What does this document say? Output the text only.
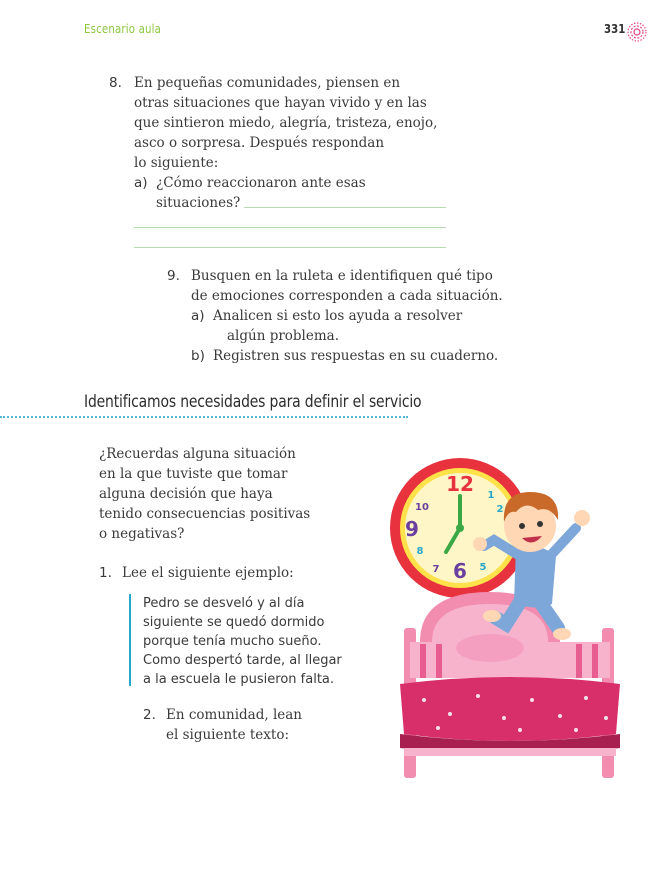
Escenario aula	331
8. En pequeñas comunidades, piensen en
otras situaciones que hayan vivido y en las
que sintieron miedo, alegría, tristeza, enojo,
asco o sorpresa. Después respondan
lo siguiente:
a) ¿Cómo reaccionaron ante esas
situaciones?
9. Busquen en la ruleta e identifiquen qué tipo
de emociones corresponden a cada situación.
a) Analicen si esto los ayuda a resolver
algún problema.
b) Registren sus respuestas en su cuaderno.
Identificamos necesidades para definir el servicio
¿Recuerdas alguna situación
en la que tuviste que tomar
alguna decisión que haya
tenido consecuencias positivas
o negativas?
1. Lee el siguiente ejemplo:
Pedro se desveló y al día
siguiente se quedó dormido
porque tenía mucho sueño.
Como despertó tarde, al llegar
a la escuela le pusieron falta.
2. En comunidad, lean
el siguiente texto:
12 1
2
10
9
8
7 6 5
